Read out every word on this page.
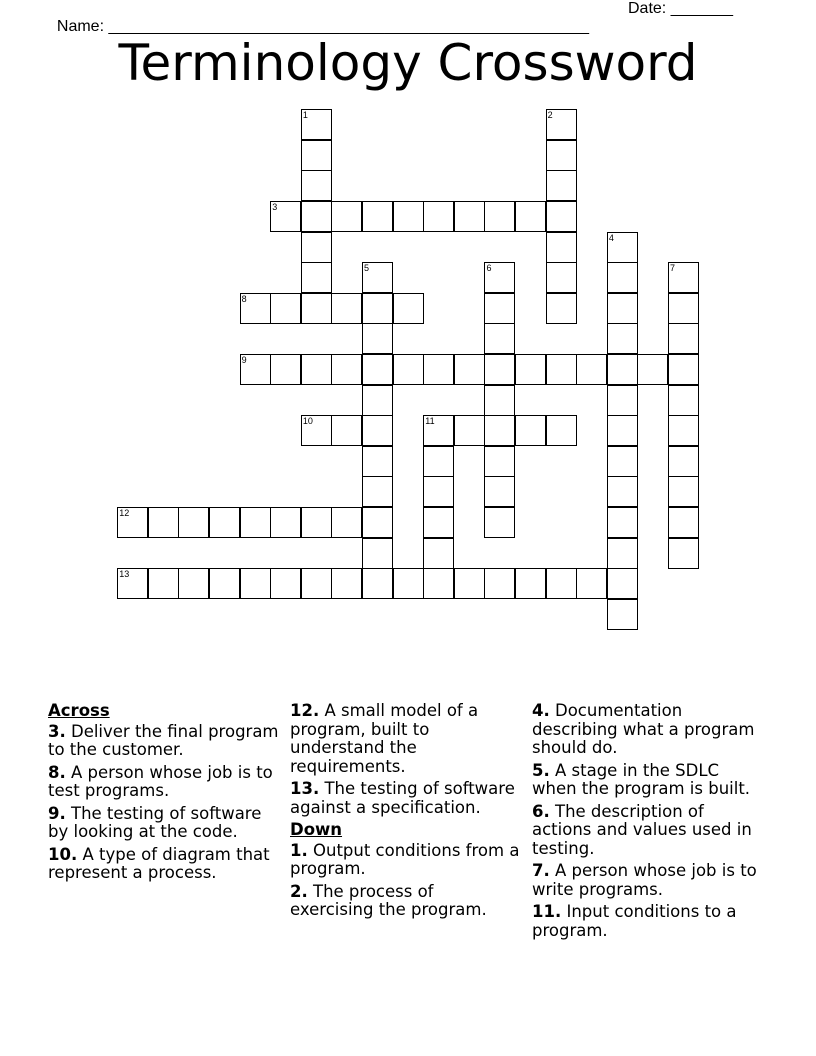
Name: ______________________________________________________

Date: _______

Terminology Crossword
1	2
3
4
5	6	7
8
9
10	11
12
13
Across
3. Deliver the final program to the customer.
8. A person whose job is to test programs.
9. The testing of software by looking at the code.
10. A type of diagram that represent a process.
12. A small model of a program, built to understand the requirements.
13. The testing of software against a specification.
Down
1. Output conditions from a program.
2. The process of exercising the program.
4. Documentation describing what a program should do.
5. A stage in the SDLC when the program is built.
6. The description of actions and values used in testing.
7. A person whose job is to write programs.
11. Input conditions to a program.
